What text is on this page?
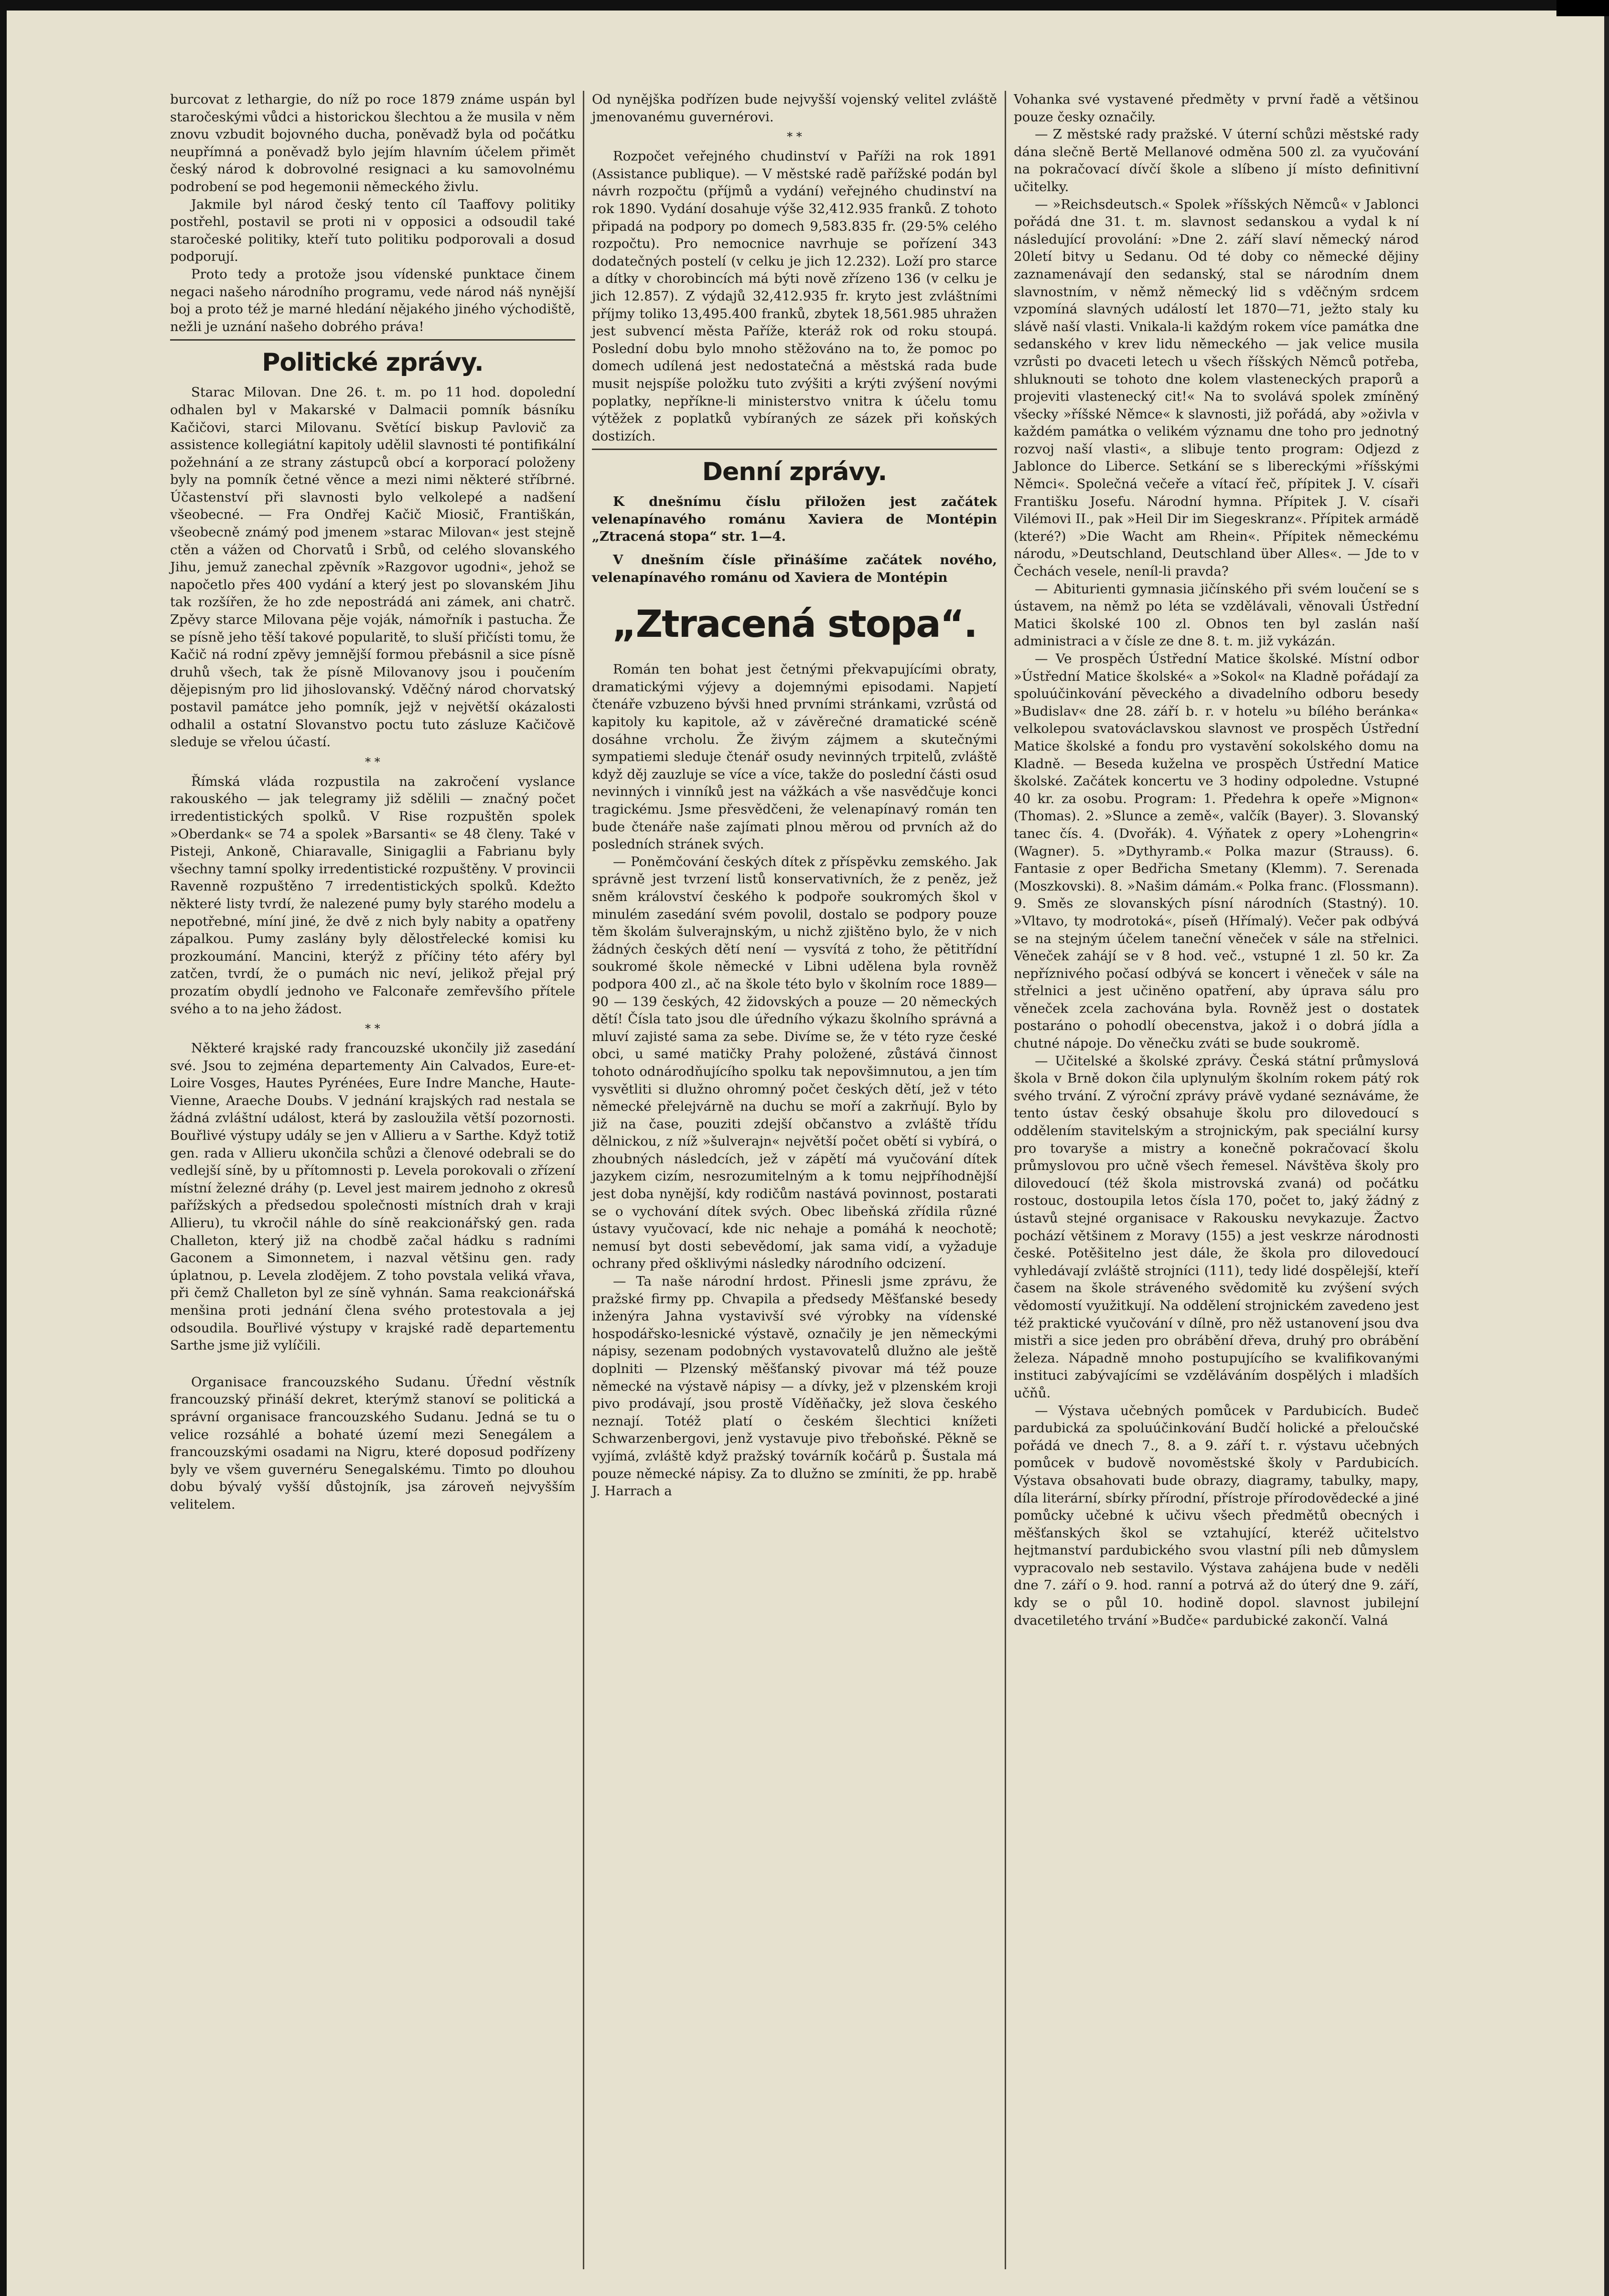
burcovat z lethargie, do níž po roce 1879 známe uspán byl staročeskými vůdci a historickou šlechtou a že musila v něm znovu vzbudit bojovného ducha, poněvadž byla od počátku neupřímná a poněvadž bylo jejím hlavním účelem přimět český národ k dobrovolné resignaci a ku samovolnému podrobení se pod hegemonii německého živlu.

Jakmile byl národ český tento cíl Taaffovy politiky postřehl, postavil se proti ni v opposici a odsoudil také staročeské politiky, kteří tuto politiku podporovali a dosud podporují.

Proto tedy a protože jsou vídenské punktace činem negaci našeho národního programu, vede národ náš nynější boj a proto též je marné hledání nějakého jiného východiště, nežli je uznání našeho dobrého práva!

Politické zprávy.

Starac Milovan. Dne 26. t. m. po 11 hod. dopolední odhalen byl v Makarské v Dalmacii pomník básníku Kačičovi, starci Milovanu. Světící biskup Pavlovič za assistence kollegiátní kapitoly udělil slavnosti té pontifikální požehnání a ze strany zástupců obcí a korporací položeny byly na pomník četné věnce a mezi nimi některé stříbrné. Účastenství při slavnosti bylo velkolepé a nadšení všeobecné. — Fra Ondřej Kačič Miosič, Františkán, všeobecně známý pod jmenem »starac Milovan« jest stejně ctěn a vážen od Chorvatů i Srbů, od celého slovanského Jihu, jemuž zanechal zpěvník »Razgovor ugodni«, jehož se napočetlo přes 400 vydání a který jest po slovanském Jihu tak rozšířen, že ho zde nepostrádá ani zámek, ani chatrč. Zpěvy starce Milovana pěje voják, námořník i pastucha. Že se písně jeho těší takové popularitě, to sluší přičísti tomu, že Kačič ná rodní zpěvy jemnější formou přebásnil a sice písně druhů všech, tak že písně Milovanovy jsou i poučením dějepisným pro lid jihoslovanský. Vděčný národ chorvatský postavil památce jeho pomník, jejž v největší okázalosti odhalil a ostatní Slovanstvo poctu tuto zásluze Kačičově sleduje se vřelou účastí.

* *

Římská vláda rozpustila na zakročení vyslance rakouského — jak telegramy již sdělili — značný počet irredentistických spolků. V Rise rozpuštěn spolek »Oberdank« se 74 a spolek »Barsanti« se 48 členy. Také v Pisteji, Ankoně, Chiaravalle, Sinigaglii a Fabrianu byly všechny tamní spolky irredentistické rozpuštěny. V provincii Ravenně rozpuštěno 7 irredentistických spolků. Kdežto některé listy tvrdí, že nalezené pumy byly starého modelu a nepotřebné, míní jiné, že dvě z nich byly nabity a opatřeny zápalkou. Pumy zaslány byly dělostřelecké komisi ku prozkoumání. Mancini, kterýž z příčiny této aféry byl zatčen, tvrdí, že o pumách nic neví, jelikož přejal prý prozatím obydlí jednoho ve Falconaře zemřevšího přítele svého a to na jeho žádost.

* *

Některé krajské rady francouzské ukončily již zasedání své. Jsou to zejména departementy Ain Calvados, Eure-et-Loire Vosges, Hautes Pyrénées, Eure Indre Manche, Haute-Vienne, Araeche Doubs. V jednání krajských rad nestala se žádná zvláštní událost, která by zasloužila větší pozornosti. Bouřlivé výstupy udály se jen v Allieru a v Sarthe. Když totiž gen. rada v Allieru ukončila schůzi a členové odebrali se do vedlejší síně, by u přítomnosti p. Levela porokovali o zřízení místní železné dráhy (p. Level jest mairem jednoho z okresů pařížských a předsedou společnosti místních drah v kraji Allieru), tu vkročil náhle do síně reakcionářský gen. rada Challeton, který již na chodbě začal hádku s radními Gaconem a Simonnetem, i nazval většinu gen. rady úplatnou, p. Levela zlodějem. Z toho povstala veliká vřava, při čemž Challeton byl ze síně vyhnán. Sama reakcionářská menšina proti jednání člena svého protestovala a jej odsoudila. Bouřlivé výstupy v krajské radě departementu Sarthe jsme již vylíčili.

Organisace francouzského Sudanu. Úřední věstník francouzský přináší dekret, kterýmž stanoví se politická a správní organisace francouzského Sudanu. Jedná se tu o velice rozsáhlé a bohaté území mezi Senegálem a francouzskými osadami na Nigru, které doposud podřízeny byly ve všem guvernéru Senegalskému. Timto po dlouhou dobu bývalý vyšší důstojník, jsa zároveň nejvyšším velitelem.

Od nynějška podřízen bude nejvyšší vojenský velitel zvláště jmenovanému guvernérovi.

* *

Rozpočet veřejného chudinství v Paříži na rok 1891 (Assistance publique). — V městské radě pařížské podán byl návrh rozpočtu (příjmů a vydání) veřejného chudinství na rok 1890. Vydání dosahuje výše 32,412.935 franků. Z tohoto připadá na podpory po domech 9,583.835 fr. (29·5% celého rozpočtu). Pro nemocnice navrhuje se pořízení 343 dodatečných postelí (v celku je jich 12.232). Loží pro starce a dítky v chorobincích má býti nově zřízeno 136 (v celku je jich 12.857). Z výdajů 32,412.935 fr. kryto jest zvláštními příjmy toliko 13,495.400 franků, zbytek 18,561.985 uhražen jest subvencí města Paříže, kteráž rok od roku stoupá. Poslední dobu bylo mnoho stěžováno na to, že pomoc po domech udílená jest nedostatečná a městská rada bude musit nejspíše položku tuto zvýšiti a krýti zvýšení novými poplatky, nepříkne-li ministerstvo vnitra k účelu tomu výtěžek z poplatků vybíraných ze sázek při koňských dostizích.

Denní zprávy.

K dnešnímu číslu přiložen jest začátek velenapínavého románu Xaviera de Montépin „Ztracená stopa“ str. 1—4.

V dnešním čísle přinášíme začátek nového, velenapínavého románu od Xaviera de Montépin

„Ztracená stopa“.

Román ten bohat jest četnými překvapujícími obraty, dramatickými výjevy a dojemnými episodami. Napjetí čtenáře vzbuzeno bývši hned prvními stránkami, vzrůstá od kapitoly ku kapitole, až v závěrečné dramatické scéně dosáhne vrcholu. Že živým zájmem a skutečnými sympatiemi sleduje čtenář osudy nevinných trpitelů, zvláště když děj zauzluje se více a více, takže do poslední části osud nevinných i vinníků jest na vážkách a vše nasvědčuje konci tragickému. Jsme přesvědčeni, že velenapínavý román ten bude čtenáře naše zajímati plnou měrou od prvních až do posledních stránek svých.

— Poněmčování českých dítek z příspěvku zemského. Jak správně jest tvrzení listů konservativních, že z peněz, jež sněm království českého k podpoře soukromých škol v minulém zasedání svém povolil, dostalo se podpory pouze těm školám šulverajnským, u nichž zjištěno bylo, že v nich žádných českých dětí není — vysvítá z toho, že pětitřídní soukromé škole německé v Libni udělena byla rovněž podpora 400 zl., ač na škole této bylo v školním roce 1889—90 — 139 českých, 42 židovských a pouze — 20 německých dětí! Čísla tato jsou dle úředního výkazu školního správná a mluví zajisté sama za sebe. Divíme se, že v této ryze české obci, u samé matičky Prahy položené, zůstává činnost tohoto odnárodňujícího spolku tak nepovšimnutou, a jen tím vysvětliti si dlužno ohromný počet českých dětí, jež v této německé přelejvárně na duchu se moří a zakrňují. Bylo by již na čase, pouziti zdejší občanstvo a zvláště třídu dělnickou, z níž »šulverajn« největší počet obětí si vybírá, o zhoubných následcích, jež v zápětí má vyučování dítek jazykem cizím, nesrozumitelným a k tomu nejpříhodnější jest doba nynější, kdy rodičům nastává povinnost, postarati se o vychování dítek svých. Obec libeňská zřídila různé ústavy vyučovací, kde nic nehaje a pomáhá k neochotě; nemusí byt dosti sebevědomí, jak sama vidí, a vyžaduje ochrany před ošklivými následky národního odcizení.

— Ta naše národní hrdost. Přinesli jsme zprávu, že pražské firmy pp. Chvapila a předsedy Měšťanské besedy inženýra Jahna vystavivší své výrobky na vídenské hospodářsko-lesnické výstavě, označily je jen německými nápisy, sezenam podobných vystavovatelů dlužno ale ještě doplniti — Plzenský měšťanský pivovar má též pouze německé na výstavě nápisy — a dívky, jež v plzenském kroji pivo prodávají, jsou prostě Víděňačky, jež slova českého neznají. Totéž platí o českém šlechtici knížeti Schwarzenbergovi, jenž vystavuje pivo třeboňské. Pěkně se vyjímá, zvláště když pražský továrník kočárů p. Šustala má pouze německé nápisy. Za to dlužno se zmíniti, že pp. hrabě J. Harrach a

Vohanka své vystavené předměty v první řadě a většinou pouze česky označily.

— Z městské rady pražské. V úterní schůzi městské rady dána slečně Bertě Mellanové odměna 500 zl. za vyučování na pokračovací dívčí škole a slíbeno jí místo definitivní učitelky.

— »Reichsdeutsch.« Spolek »říšských Němců« v Jablonci pořádá dne 31. t. m. slavnost sedanskou a vydal k ní následující provolání: »Dne 2. září slaví německý národ 20letí bitvy u Sedanu. Od té doby co německé dějiny zaznamenávají den sedanský, stal se národním dnem slavnostním, v němž německý lid s vděčným srdcem vzpomíná slavných událostí let 1870—71, ježto staly ku slávě naší vlasti. Vnikala-li každým rokem více památka dne sedanského v krev lidu německého — jak velice musila vzrůsti po dvaceti letech u všech říšských Němců potřeba, shluknouti se tohoto dne kolem vlasteneckých praporů a projeviti vlastenecký cit!« Na to svolává spolek zmíněný všecky »říšské Němce« k slavnosti, již pořádá, aby »oživla v každém památka o velikém významu dne toho pro jednotný rozvoj naší vlasti«, a slibuje tento program: Odjezd z Jablonce do Liberce. Setkání se s libereckými »říšskými Němci«. Společná večeře a vítací řeč, přípitek J. V. císaři Františku Josefu. Národní hymna. Přípitek J. V. císaři Vilémovi II., pak »Heil Dir im Siegeskranz«. Přípitek armádě (které?) »Die Wacht am Rhein«. Přípitek německému národu, »Deutschland, Deutschland über Alles«. — Jde to v Čechách vesele, neníl-li pravda?

— Abiturienti gymnasia jičínského při svém loučení se s ústavem, na němž po léta se vzdělávali, věnovali Ústřední Matici školské 100 zl. Obnos ten byl zaslán naší administraci a v čísle ze dne 8. t. m. již vykázán.

— Ve prospěch Ústřední Matice školské. Místní odbor »Ústřední Matice školské« a »Sokol« na Kladně pořádají za spoluúčinkování pěveckého a divadelního odboru besedy »Budislav« dne 28. září b. r. v hotelu »u bílého beránka« velkolepou svatováclavskou slavnost ve prospěch Ústřední Matice školské a fondu pro vystavění sokolského domu na Kladně. — Beseda kuželna ve prospěch Ústřední Matice školské. Začátek koncertu ve 3 hodiny odpoledne. Vstupné 40 kr. za osobu. Program: 1. Předehra k opeře »Mignon« (Thomas). 2. »Slunce a země«, valčík (Bayer). 3. Slovanský tanec čís. 4. (Dvořák). 4. Výňatek z opery »Lohengrin« (Wagner). 5. »Dythyramb.« Polka mazur (Strauss). 6. Fantasie z oper Bedřicha Smetany (Klemm). 7. Serenada (Moszkovski). 8. »Našim dámám.« Polka franc. (Flossmann). 9. Směs ze slovanských písní národních (Stastný). 10. »Vltavo, ty modrotoká«, píseň (Hřímalý). Večer pak odbývá se na stejným účelem taneční věneček v sále na střelnici. Věneček zahájí se v 8 hod. več., vstupné 1 zl. 50 kr. Za nepříznivého počasí odbývá se koncert i věneček v sále na střelnici a jest učiněno opatření, aby úprava sálu pro věneček zcela zachována byla. Rovněž jest o dostatek postaráno o pohodlí obecenstva, jakož i o dobrá jídla a chutné nápoje. Do věnečku zváti se bude soukromě.

— Učitelské a školské zprávy. Česká státní průmyslová škola v Brně dokon čila uplynulým školním rokem pátý rok svého trvání. Z výroční zprávy právě vydané seznáváme, že tento ústav český obsahuje školu pro dilovedoucí s oddělením stavitelským a strojnickým, pak speciální kursy pro tovaryše a mistry a konečně pokračovací školu průmyslovou pro učně všech řemesel. Návštěva školy pro dilovedoucí (též škola mistrovská zvaná) od počátku rostouc, dostoupila letos čísla 170, počet to, jaký žádný z ústavů stejné organisace v Rakousku nevykazuje. Žactvo pochází většinem z Moravy (155) a jest veskrze národnosti české. Potěšitelno jest dále, že škola pro dilovedoucí vyhledávají zvláště strojníci (111), tedy lidé dospělejší, kteří časem na škole stráveného svědomitě ku zvýšení svých vědomostí využitkují. Na oddělení strojnickém zavedeno jest též praktické vyučování v dílně, pro něž ustanovení jsou dva mistři a sice jeden pro obrábění dřeva, druhý pro obrábění železa. Nápadně mnoho postupujícího se kvalifikovanými instituci zabývajícími se vzděláváním dospělých i mladších učňů.

— Výstava učebných pomůcek v Pardubicích. Budeč pardubická za spoluúčinkování Budčí holické a přeloučské pořádá ve dnech 7., 8. a 9. září t. r. výstavu učebných pomůcek v budově novoměstské školy v Pardubicích. Výstava obsahovati bude obrazy, diagramy, tabulky, mapy, díla literární, sbírky přírodní, přístroje přírodovědecké a jiné pomůcky učebné k učivu všech předmětů obecných i měšťanských škol se vztahující, kteréž učitelstvo hejtmanství pardubického svou vlastní píli neb důmyslem vypracovalo neb sestavilo. Výstava zahájena bude v neděli dne 7. září o 9. hod. ranní a potrvá až do úterý dne 9. září, kdy se o půl 10. hodině dopol. slavnost jubilejní dvacetiletého trvání »Budče« pardubické zakončí. Valná
